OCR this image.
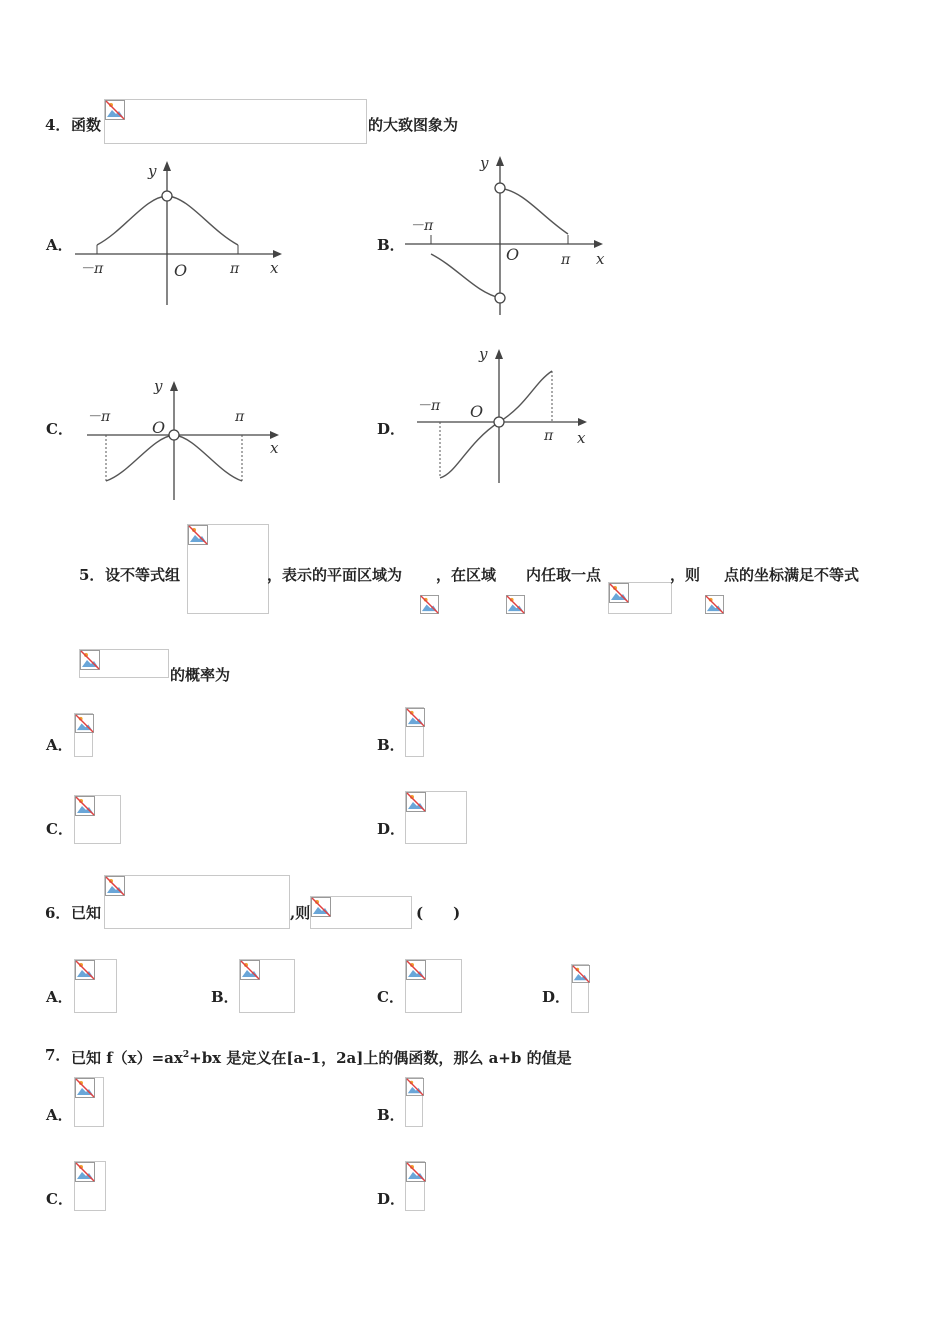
4． 函数	的大致图象为
A．	B．
C．	D．
y
x
O
－π	π
y
x
O
－π
π
y
x
O
－π	π
y
x
O
－π
π
5． 设不等式组	，表示的平面区域为 ，在区域 内任取一点	，则 点的坐标满足不等式
的概率为
A．	B．
C．	D．
6． 已知	,则	(　　)
A．	B．	C．	D．
7． 已知 $f(x)=ax^2+bx$ 是定义在[a–1，2a]上的偶函数，那么 a+b 的值是
A．	B．
C．	D．
